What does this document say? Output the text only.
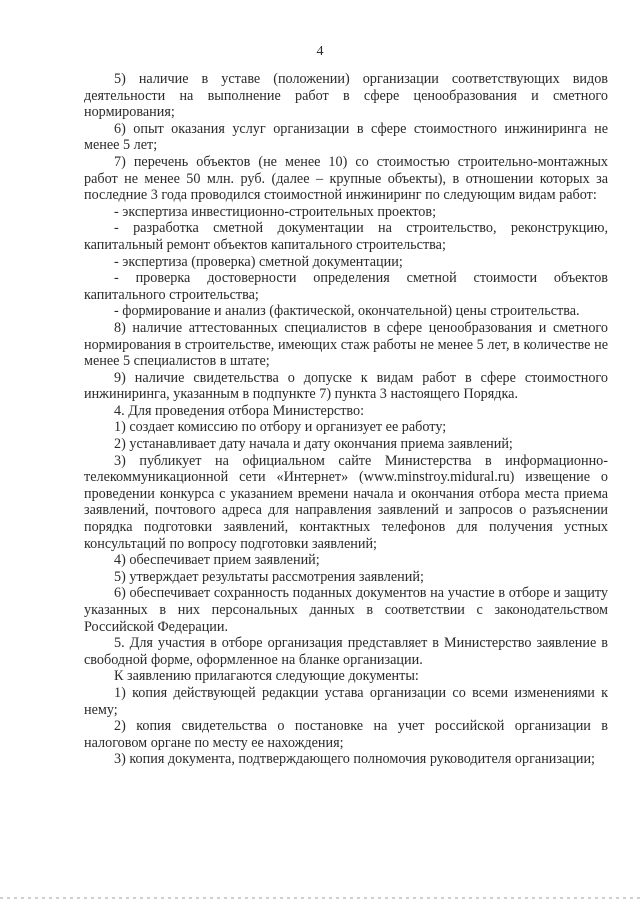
4

5) наличие в уставе (положении) организации соответствующих видов деятельности на выполнение работ в сфере ценообразования и сметного нормирования;

6) опыт оказания услуг организации в сфере стоимостного инжиниринга не менее 5 лет;

7) перечень объектов (не менее 10) со стоимостью строительно-монтажных работ не менее 50 млн. руб. (далее – крупные объекты), в отношении которых за последние 3 года проводился стоимостной инжиниринг по следующим видам работ:

- экспертиза инвестиционно-строительных проектов;

- разработка сметной документации на строительство, реконструкцию, капитальный ремонт объектов капитального строительства;

- экспертиза (проверка) сметной документации;

- проверка достоверности определения сметной стоимости объектов капитального строительства;

- формирование и анализ (фактической, окончательной) цены строительства.

8) наличие аттестованных специалистов в сфере ценообразования и сметного нормирования в строительстве, имеющих стаж работы не менее 5 лет, в количестве не менее 5 специалистов в штате;

9) наличие свидетельства о допуске к видам работ в сфере стоимостного инжиниринга, указанным в подпункте 7) пункта 3 настоящего Порядка.

4. Для проведения отбора Министерство:

1) создает комиссию по отбору и организует ее работу;

2) устанавливает дату начала и дату окончания приема заявлений;

3) публикует на официальном сайте Министерства в информационно-телекоммуникационной сети «Интернет» (www.minstroy.midural.ru) извещение о проведении конкурса с указанием времени начала и окончания отбора места приема заявлений, почтового адреса для направления заявлений и запросов о разъяснении порядка подготовки заявлений, контактных телефонов для получения устных консультаций по вопросу подготовки заявлений;

4) обеспечивает прием заявлений;

5) утверждает результаты рассмотрения заявлений;

6) обеспечивает сохранность поданных документов на участие в отборе и защиту указанных в них персональных данных в соответствии с законодательством Российской Федерации.

5. Для участия в отборе организация представляет в Министерство заявление в свободной форме, оформленное на бланке организации.

К заявлению прилагаются следующие документы:

1) копия действующей редакции устава организации со всеми изменениями к нему;

2) копия свидетельства о постановке на учет российской организации в налоговом органе по месту ее нахождения;

3) копия документа, подтверждающего полномочия руководителя организации;
